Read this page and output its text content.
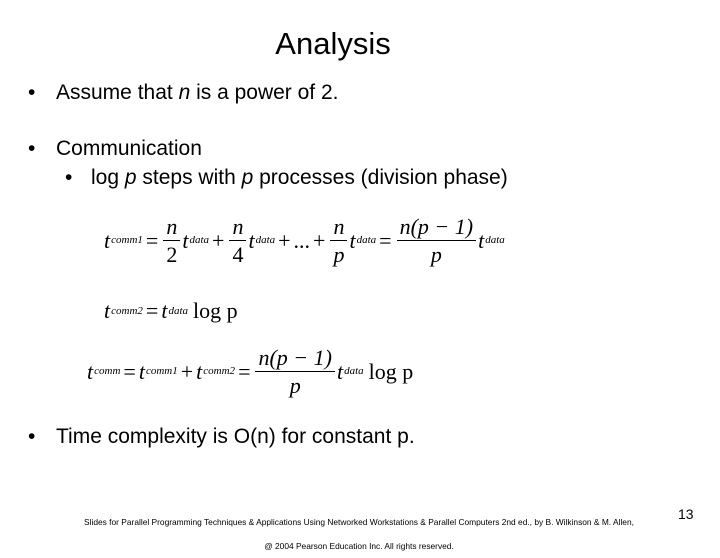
Analysis
• Assume that n is a power of 2.
• Communication
• log p steps with p processes (division phase)
t comm1 = $\frac{n}{2}$ t data + $\frac{n}{4}$ t data + ... + $\frac{n}{p}$ t data = $\frac{n(p - 1)}{p}$ t data
t comm2 = t data log p
t comm = t comm1 + t comm2 = $\frac{n(p - 1)}{p}$ t data log p
• Time complexity is O(n) for constant p.
Slides for Parallel Programming Techniques & Applications Using Networked Workstations & Parallel Computers 2nd ed., by B. Wilkinson & M. Allen,
@ 2004 Pearson Education Inc. All rights reserved.
13
